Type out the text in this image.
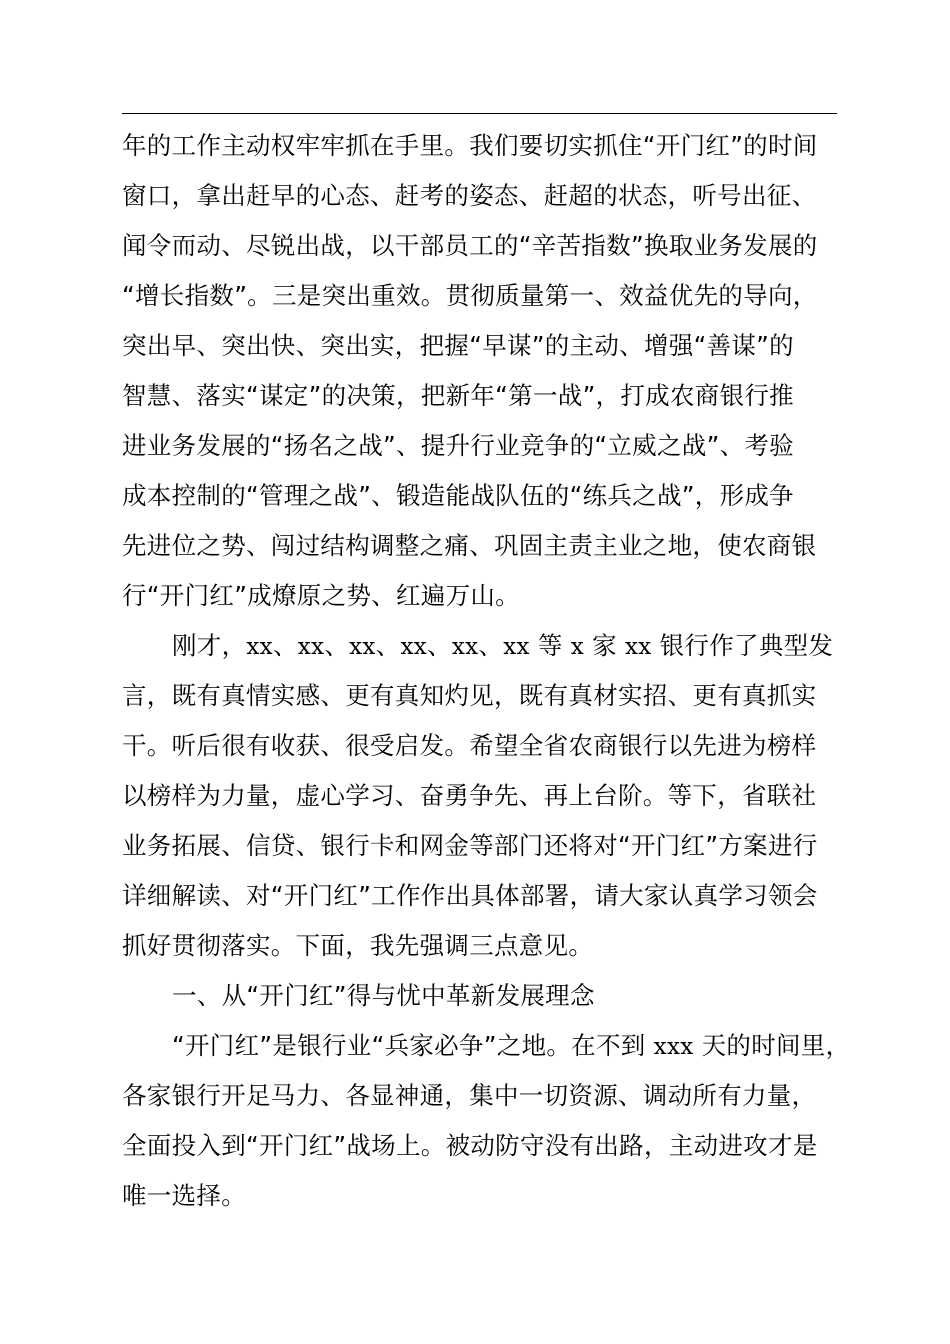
年的工作主动权牢牢抓在手里。我们要切实抓住“开门红”的时间
窗口，拿出赶早的心态、赶考的姿态、赶超的状态，听号出征、
闻令而动、尽锐出战，以干部员工的“辛苦指数”换取业务发展的
“增长指数”。三是突出重效。贯彻质量第一、效益优先的导向，
突出早、突出快、突出实，把握“早谋”的主动、增强“善谋”的
智慧、落实“谋定”的决策，把新年“第一战”，打成农商银行推
进业务发展的“扬名之战”、提升行业竞争的“立威之战”、考验
成本控制的“管理之战”、锻造能战队伍的“练兵之战”，形成争
先进位之势、闯过结构调整之痛、巩固主责主业之地，使农商银
行“开门红”成燎原之势、红遍万山。
刚才，xx、xx、xx、xx、xx、xx 等 x 家 xx 银行作了典型发
言，既有真情实感、更有真知灼见，既有真材实招、更有真抓实
干。听后很有收获、很受启发。希望全省农商银行以先进为榜样
以榜样为力量，虚心学习、奋勇争先、再上台阶。等下，省联社
业务拓展、信贷、银行卡和网金等部门还将对“开门红”方案进行
详细解读、对“开门红”工作作出具体部署，请大家认真学习领会
抓好贯彻落实。下面，我先强调三点意见。
一、从“开门红”得与忧中革新发展理念
“开门红”是银行业“兵家必争”之地。在不到 xxx 天的时间里，
各家银行开足马力、各显神通，集中一切资源、调动所有力量，
全面投入到“开门红”战场上。被动防守没有出路，主动进攻才是
唯一选择。
